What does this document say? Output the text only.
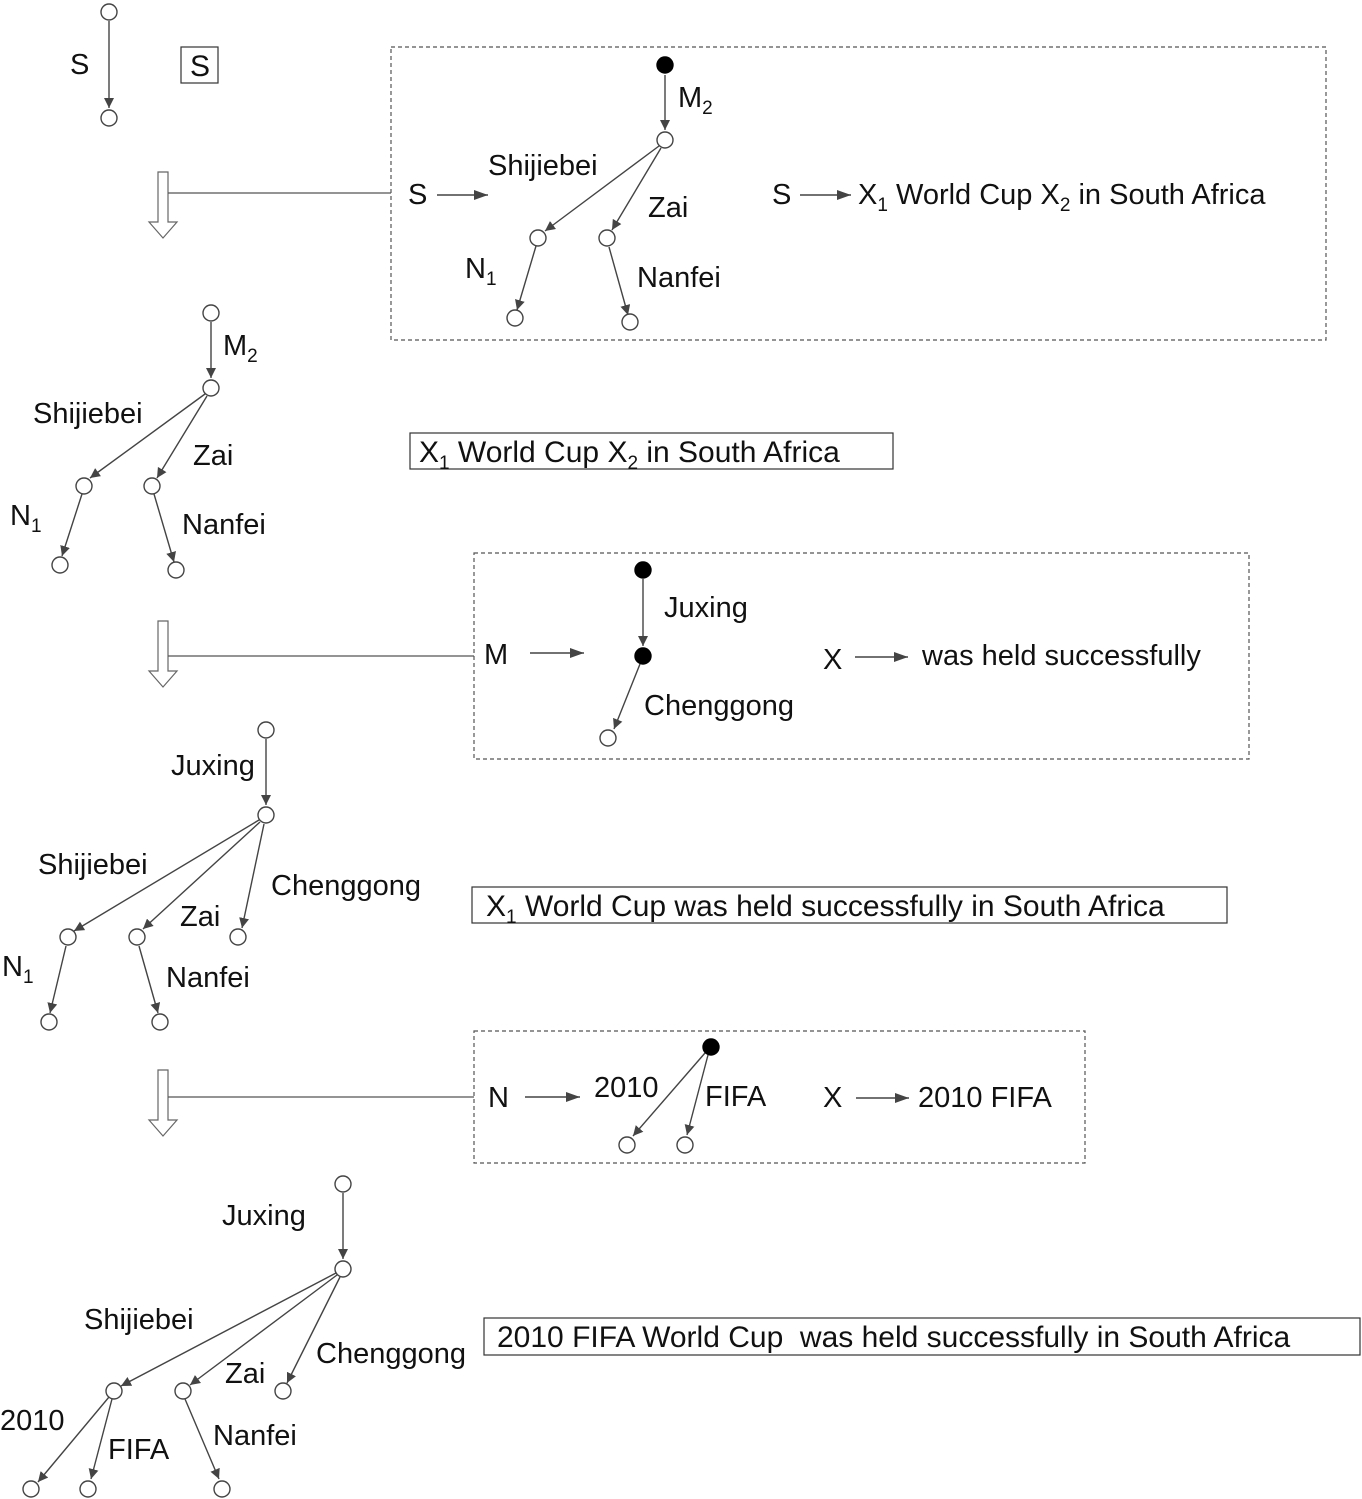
S	S
S
$M_2$
Shijiebei
Zai
$N_1$	Nanfei
S $X_1$ World Cup $X_2$ in South Africa
$M_2$
Shijiebei
Zai
$N_1$	Nanfei
$X_1$ World Cup $X_2$ in South Africa
M
Juxing
Chenggong
X	was held successfully
Juxing
Shijiebei
Chenggong
Zai
$N_1$	Nanfei
$X_1$ World Cup was held successfully in South Africa
N	2010 FIFA X	2010 FIFA
Juxing
Shijiebei
Chenggong
Zai
2010	Nanfei
FIFA
2010 FIFA World Cup  was held successfully in South Africa
